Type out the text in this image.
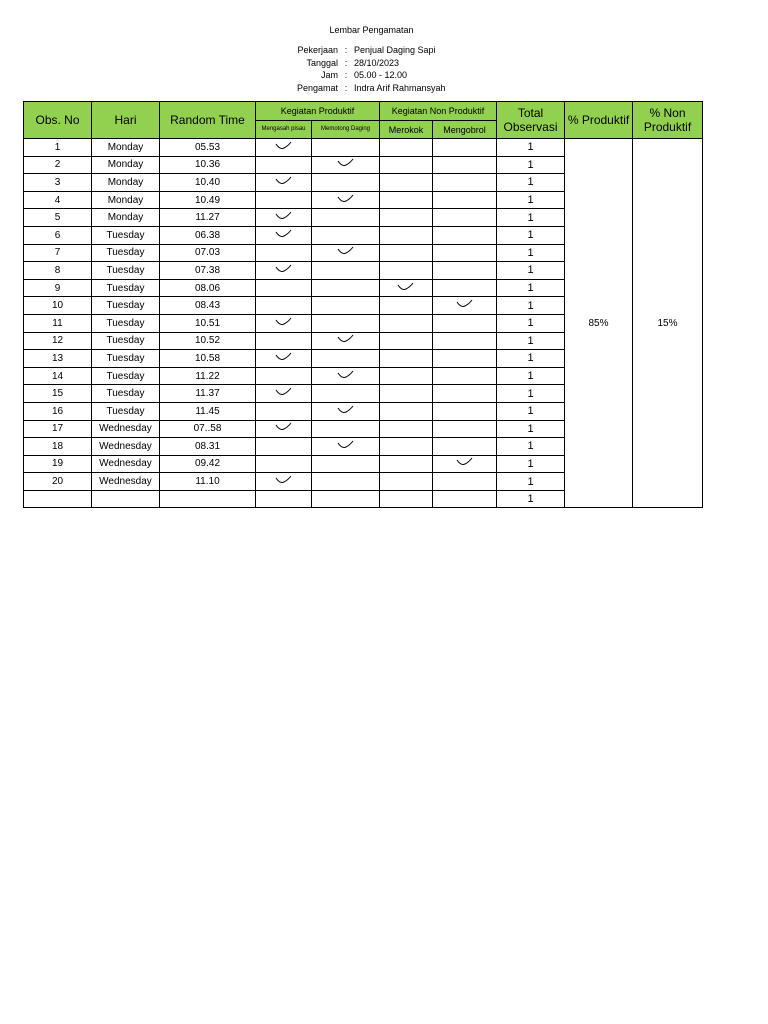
Lembar Pengamatan
Pekerjaan : Penjual Daging Sapi
Tanggal : 28/10/2023
Jam : 05.00 - 12.00
Pengamat : Indra Arif Rahmansyah
Obs. No	Hari	Random Time	Kegiatan Produktif		Kegiatan Non Produktif		Total Observasi	% Produktif	% Non Produktif
			Mengasah pisau	Memotong Daging	Merokok	Mengobrol			
1	Monday	05.53					1	85%	15%
2	Monday	10.36					1		
3	Monday	10.40					1		
4	Monday	10.49					1		
5	Monday	11.27					1		
6	Tuesday	06.38					1		
7	Tuesday	07.03					1		
8	Tuesday	07.38					1		
9	Tuesday	08.06					1		
10	Tuesday	08.43					1		
11	Tuesday	10.51					1		
12	Tuesday	10.52					1		
13	Tuesday	10.58					1		
14	Tuesday	11.22					1		
15	Tuesday	11.37					1		
16	Tuesday	11.45					1		
17	Wednesday	07..58					1		
18	Wednesday	08.31					1		
19	Wednesday	09.42					1		
20	Wednesday	11.10					1		
							1		
